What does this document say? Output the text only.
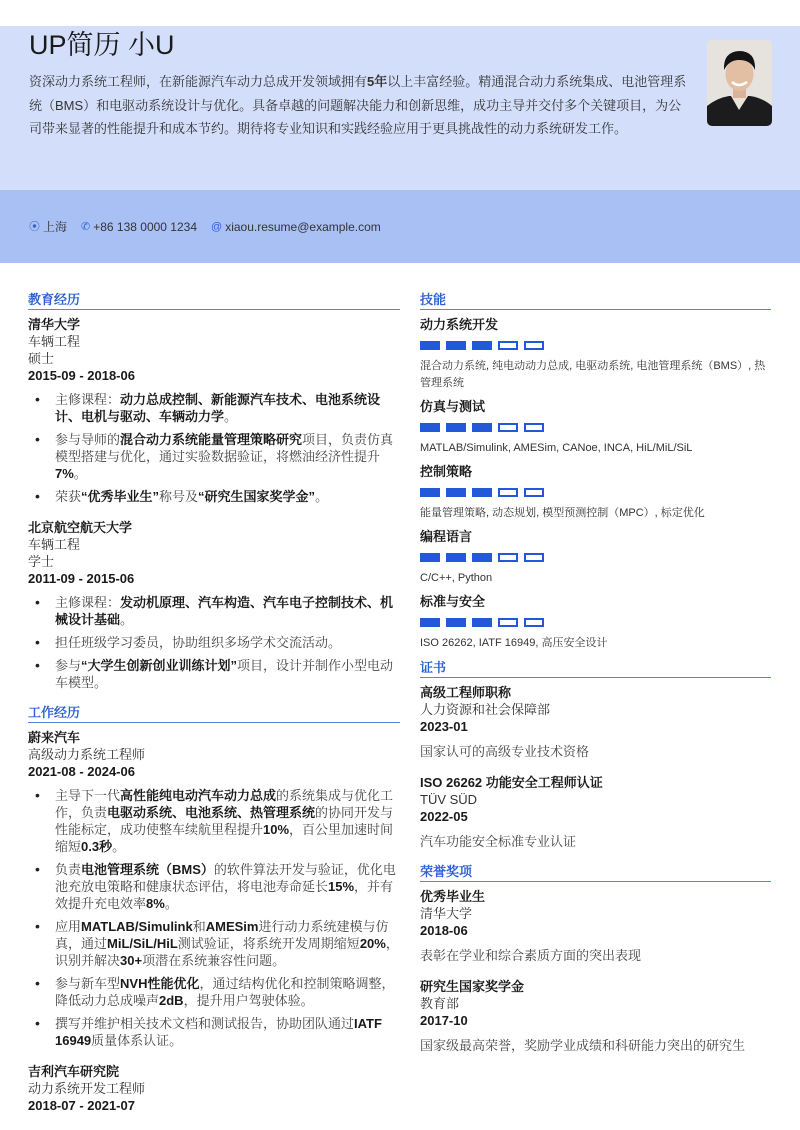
UP简历 小U

资深动力系统工程师，在新能源汽车动力总成开发领域拥有5年以上丰富经验。精通混合动力系统集成、电池管理系统（BMS）和电驱动系统设计与优化。具备卓越的问题解决能力和创新思维，成功主导并交付多个关键项目，为公司带来显著的性能提升和成本节约。期待将专业知识和实践经验应用于更具挑战性的动力系统研发工作。

⦿ 上海 ✆ +86 138 0000 1234 @ xiaou.resume@example.com
教育经历
清华大学
车辆工程
硕士
2015-09 - 2018-06
• 主修课程：动力总成控制、新能源汽车技术、电池系统设计、电机与驱动、车辆动力学。
• 参与导师的混合动力系统能量管理策略研究项目，负责仿真模型搭建与优化，通过实验数据验证，将燃油经济性提升7%。
• 荣获“优秀毕业生”称号及“研究生国家奖学金”。
北京航空航天大学
车辆工程
学士
2011-09 - 2015-06
• 主修课程：发动机原理、汽车构造、汽车电子控制技术、机械设计基础。
• 担任班级学习委员，协助组织多场学术交流活动。
• 参与“大学生创新创业训练计划”项目，设计并制作小型电动车模型。
工作经历
蔚来汽车
高级动力系统工程师
2021-08 - 2024-06
• 主导下一代高性能纯电动汽车动力总成的系统集成与优化工作，负责电驱动系统、电池系统、热管理系统的协同开发与性能标定，成功使整车续航里程提升10%，百公里加速时间缩短0.3秒。
• 负责电池管理系统（BMS）的软件算法开发与验证，优化电池充放电策略和健康状态评估，将电池寿命延长15%，并有效提升充电效率8%。
• 应用MATLAB/Simulink和AMESim进行动力系统建模与仿真，通过MiL/SiL/HiL测试验证，将系统开发周期缩短20%，识别并解决30+项潜在系统兼容性问题。
• 参与新车型NVH性能优化，通过结构优化和控制策略调整，降低动力总成噪声2dB，提升用户驾驶体验。
• 撰写并维护相关技术文档和测试报告，协助团队通过IATF 16949质量体系认证。
吉利汽车研究院
动力系统开发工程师
2018-07 - 2021-07
技能
动力系统开发
混合动力系统, 纯电动动力总成, 电驱动系统, 电池管理系统（BMS）, 热管理系统
仿真与测试
MATLAB/Simulink, AMESim, CANoe, INCA, HiL/MiL/SiL
控制策略
能量管理策略, 动态规划, 模型预测控制（MPC）, 标定优化
编程语言
C/C++, Python
标准与安全
ISO 26262, IATF 16949, 高压安全设计
证书
高级工程师职称
人力资源和社会保障部
2023-01
国家认可的高级专业技术资格
ISO 26262 功能安全工程师认证
TÜV SÜD
2022-05
汽车功能安全标准专业认证
荣誉奖项
优秀毕业生
清华大学
2018-06
表彰在学业和综合素质方面的突出表现
研究生国家奖学金
教育部
2017-10
国家级最高荣誉，奖励学业成绩和科研能力突出的研究生
